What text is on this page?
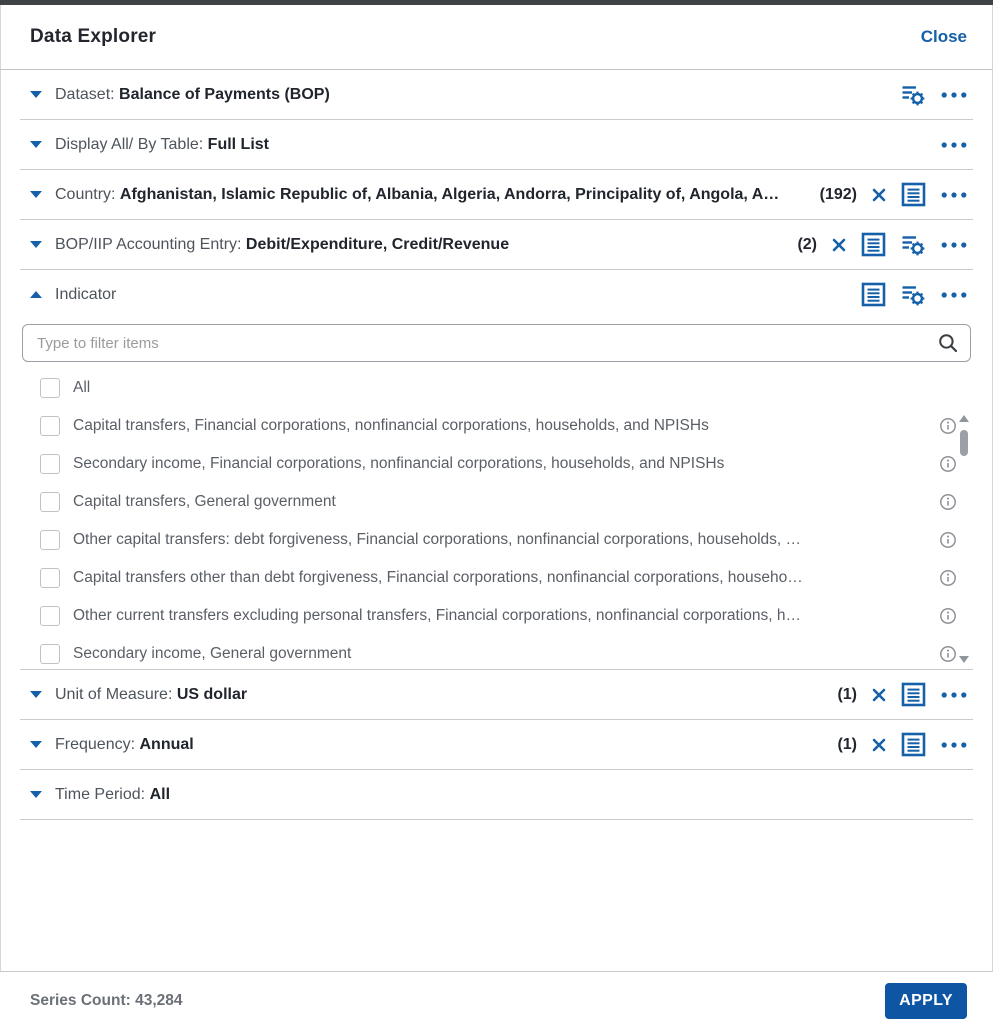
Data Explorer	Close
Dataset: Balance of Payments (BOP)
Display All/ By Table: Full List
Country: Afghanistan, Islamic Republic of, Albania, Algeria, Andorra, Principality of, Angola, A…	(192)
BOP/IIP Accounting Entry: Debit/Expenditure, Credit/Revenue	(2)
Indicator
Type to filter items
All
Capital transfers, Financial corporations, nonfinancial corporations, households, and NPISHs
Secondary income, Financial corporations, nonfinancial corporations, households, and NPISHs
Capital transfers, General government
Other capital transfers: debt forgiveness, Financial corporations, nonfinancial corporations, households, …
Capital transfers other than debt forgiveness, Financial corporations, nonfinancial corporations, househo…
Other current transfers excluding personal transfers, Financial corporations, nonfinancial corporations, h…
Secondary income, General government
Unit of Measure: US dollar	(1)
Frequency: Annual	(1)
Time Period: All
Series Count: 43,284	APPLY
